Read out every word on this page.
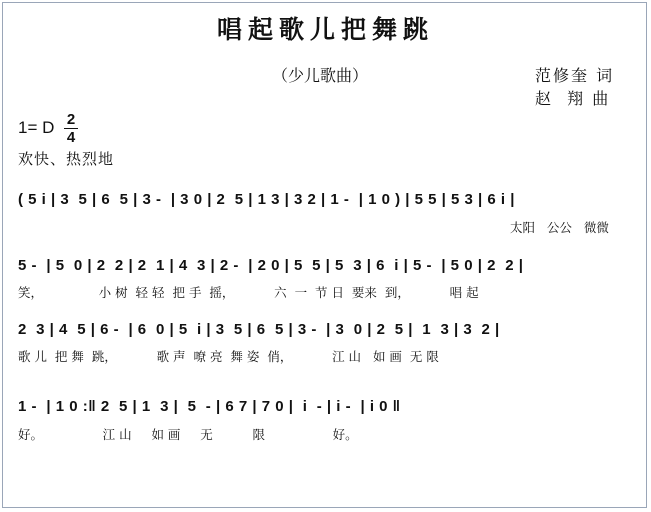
唱起歌儿把舞跳
（少儿歌曲）	范修奎 词
赵  翔 曲
1= D 2
4
欢快、热烈地
( 5 i | 3  5 | 6  5 | 3 -  | 3 0 | 2  5 | 1 3 | 3 2 | 1 -  | 1 0 ) | 5 5 | 5 3 | 6 i |
太阳   公公   微微
5 -  | 5  0 | 2  2 | 2  1 | 4  3 | 2 -  | 2 0 | 5  5 | 5  3 | 6  i | 5 -  | 5 0 | 2  2 |
笑，              小 树  轻 轻  把 手  摇，          六  一  节 日  要来  到，          唱 起
2  3 | 4  5 | 6 -  | 6  0 | 5  i | 3  5 | 6  5 | 3 -  | 3  0 | 2  5 |  1  3 | 3  2 |
歌 儿  把 舞  跳，          歌 声  嘹 亮  舞 姿  俏，          江 山   如 画  无 限
1 -  | 1 0 :‖ 2  5 | 1  3 |  5  - | 6 7 | 7 0 |  i  - | i -  | i 0 ‖
好。               江 山     如 画     无          限                 好。
